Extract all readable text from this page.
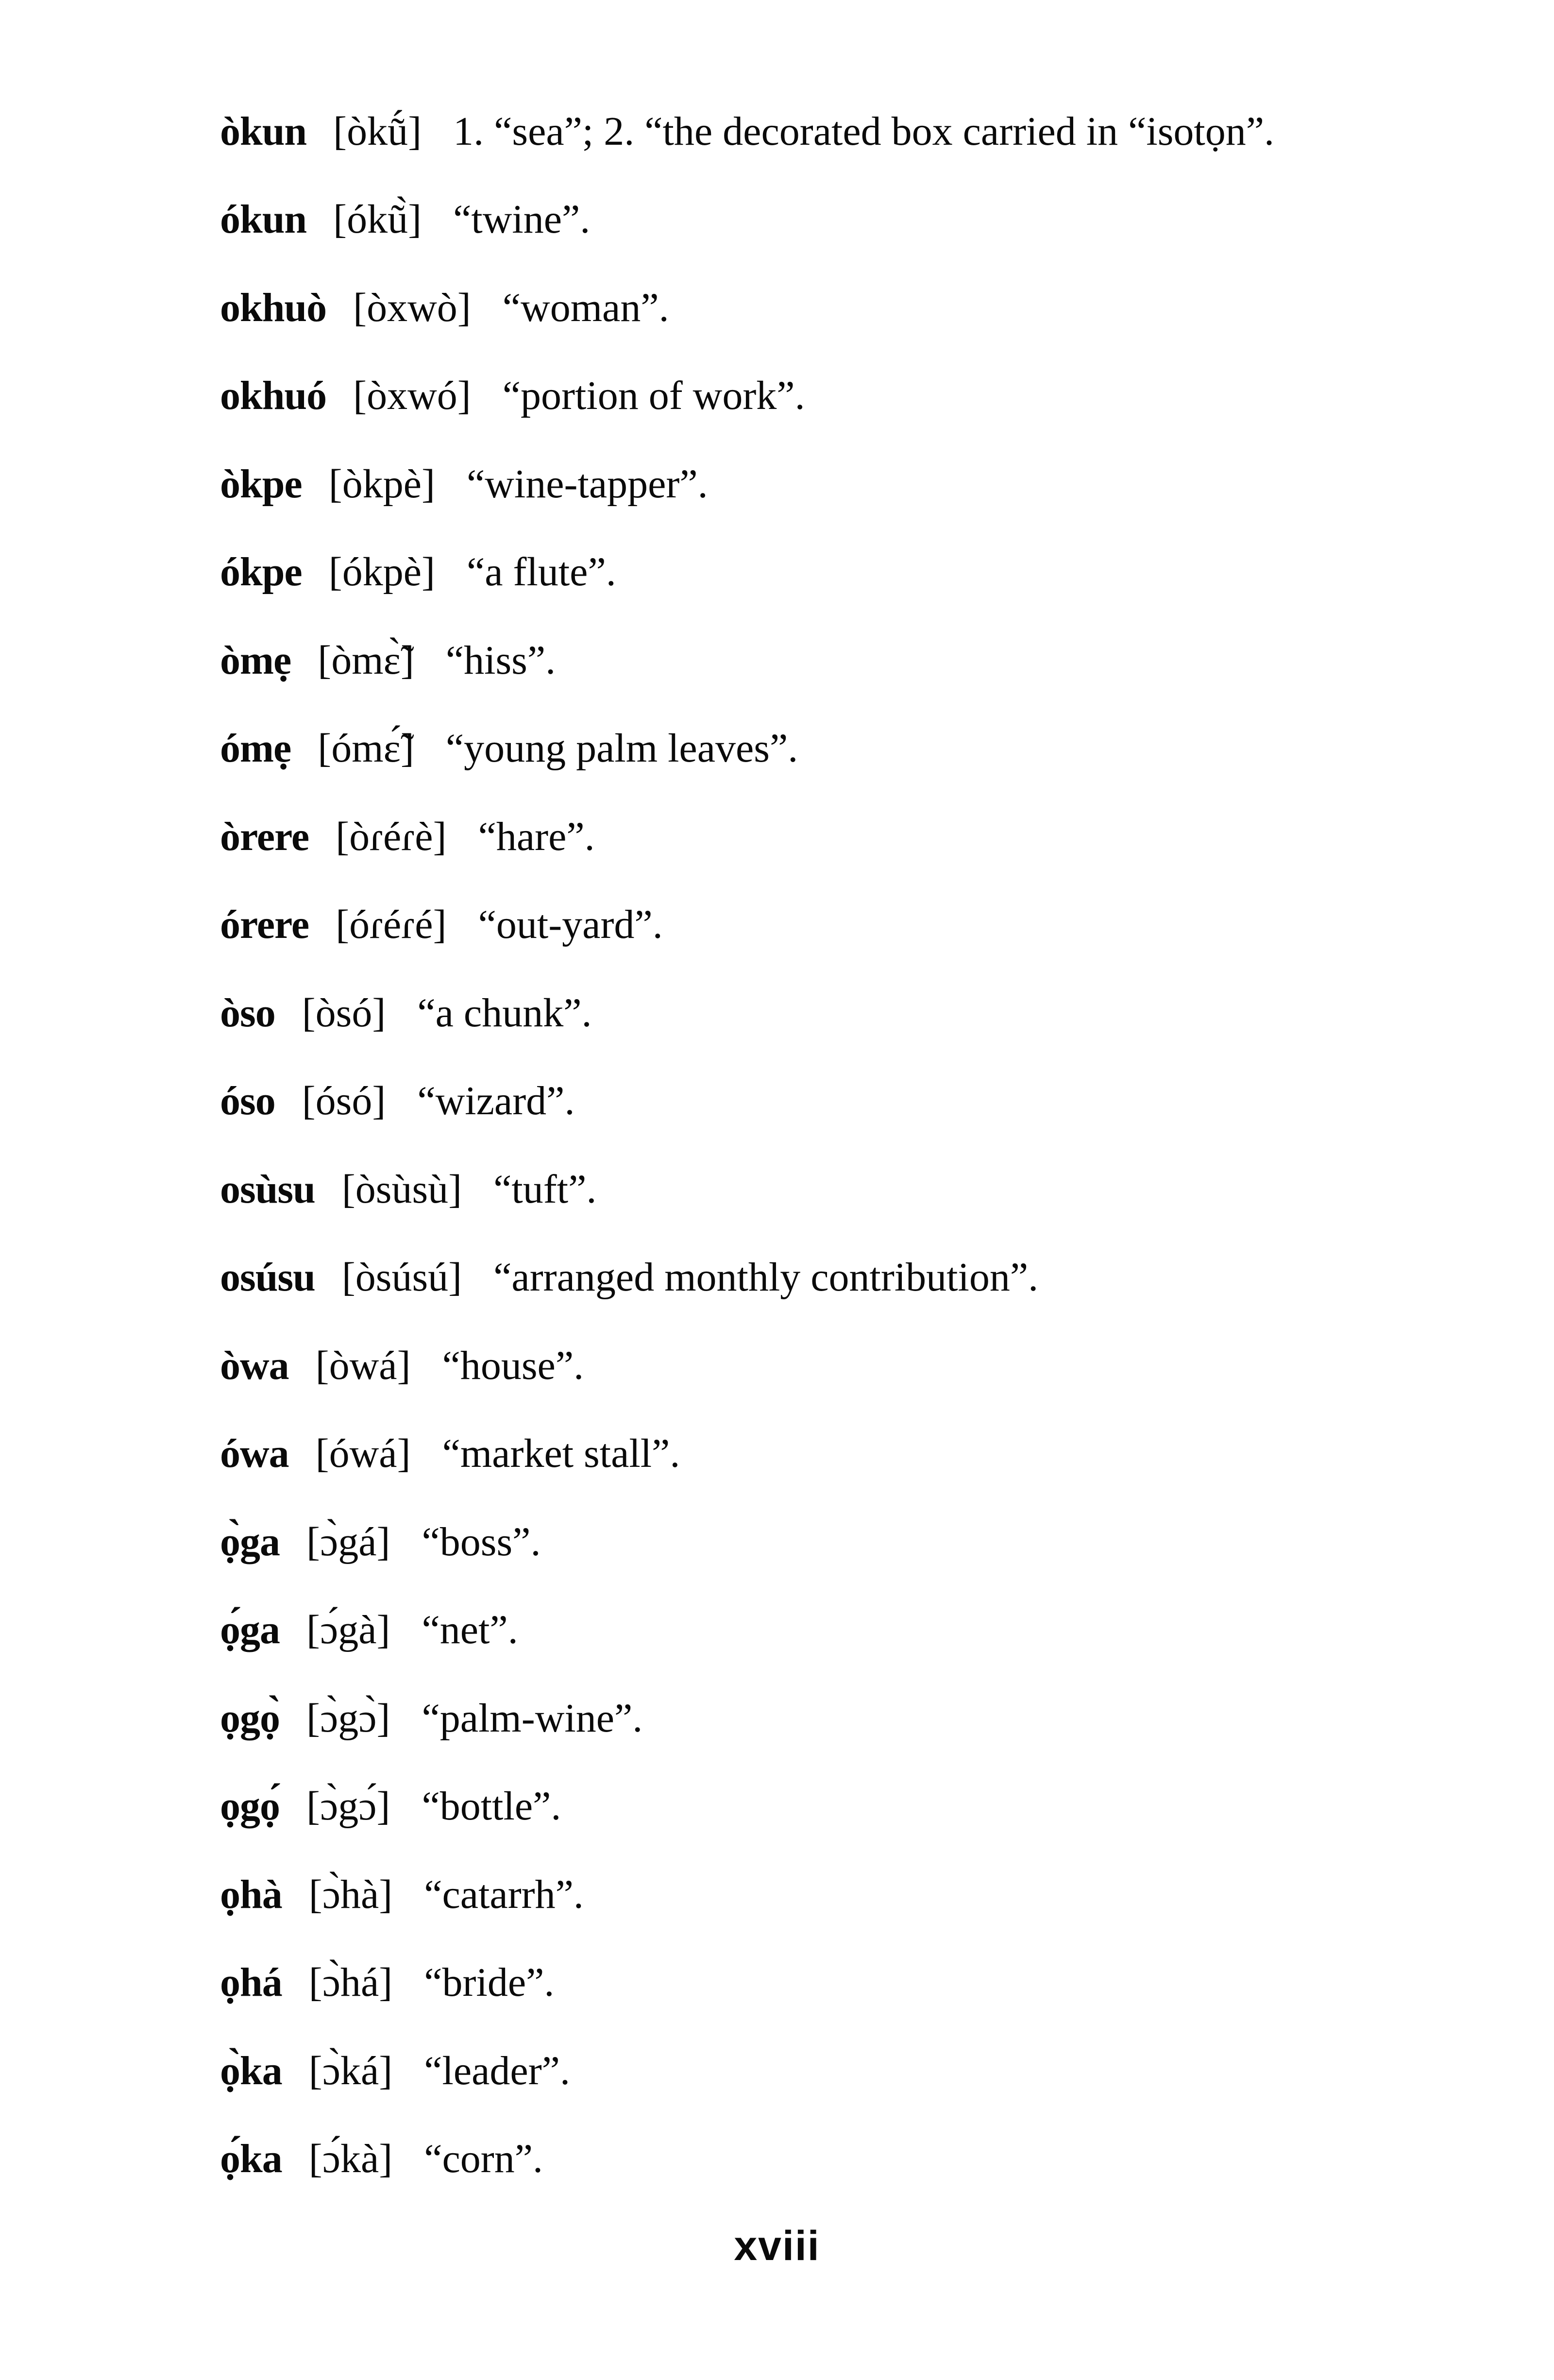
òkun [òkṹ] 1. “sea”; 2. “the decorated box carried in “isotọn”.
ókun [ókũ̀] “twine”.
okhuò [òxwò] “woman”.
okhuó [òxwó] “portion of work”.
òkpe [òkpè] “wine-tapper”.
ókpe [ókpè] “a flute”.
òmẹ [òmɛ̃̀] “hiss”.
ómẹ [ómɛ̃́] “young palm leaves”.
òrere [òɾéɾè] “hare”.
órere [óɾéɾé] “out-yard”.
òso [òsó] “a chunk”.
óso [ósó] “wizard”.
osùsu [òsùsù] “tuft”.
osúsu [òsúsú] “arranged monthly contribution”.
òwa [òwá] “house”.
ówa [ówá] “market stall”.
ọ̀ga [ɔ̀gá] “boss”.
ọ́ga [ɔ́gà] “net”.
ọgọ̀ [ɔ̀gɔ̀] “palm-wine”.
ọgọ́ [ɔ̀gɔ́] “bottle”.
ọhà [ɔ̀hà] “catarrh”.
ọhá [ɔ̀há] “bride”.
ọ̀ka [ɔ̀ká] “leader”.
ọ́ka [ɔ́kà] “corn”.
xviii
